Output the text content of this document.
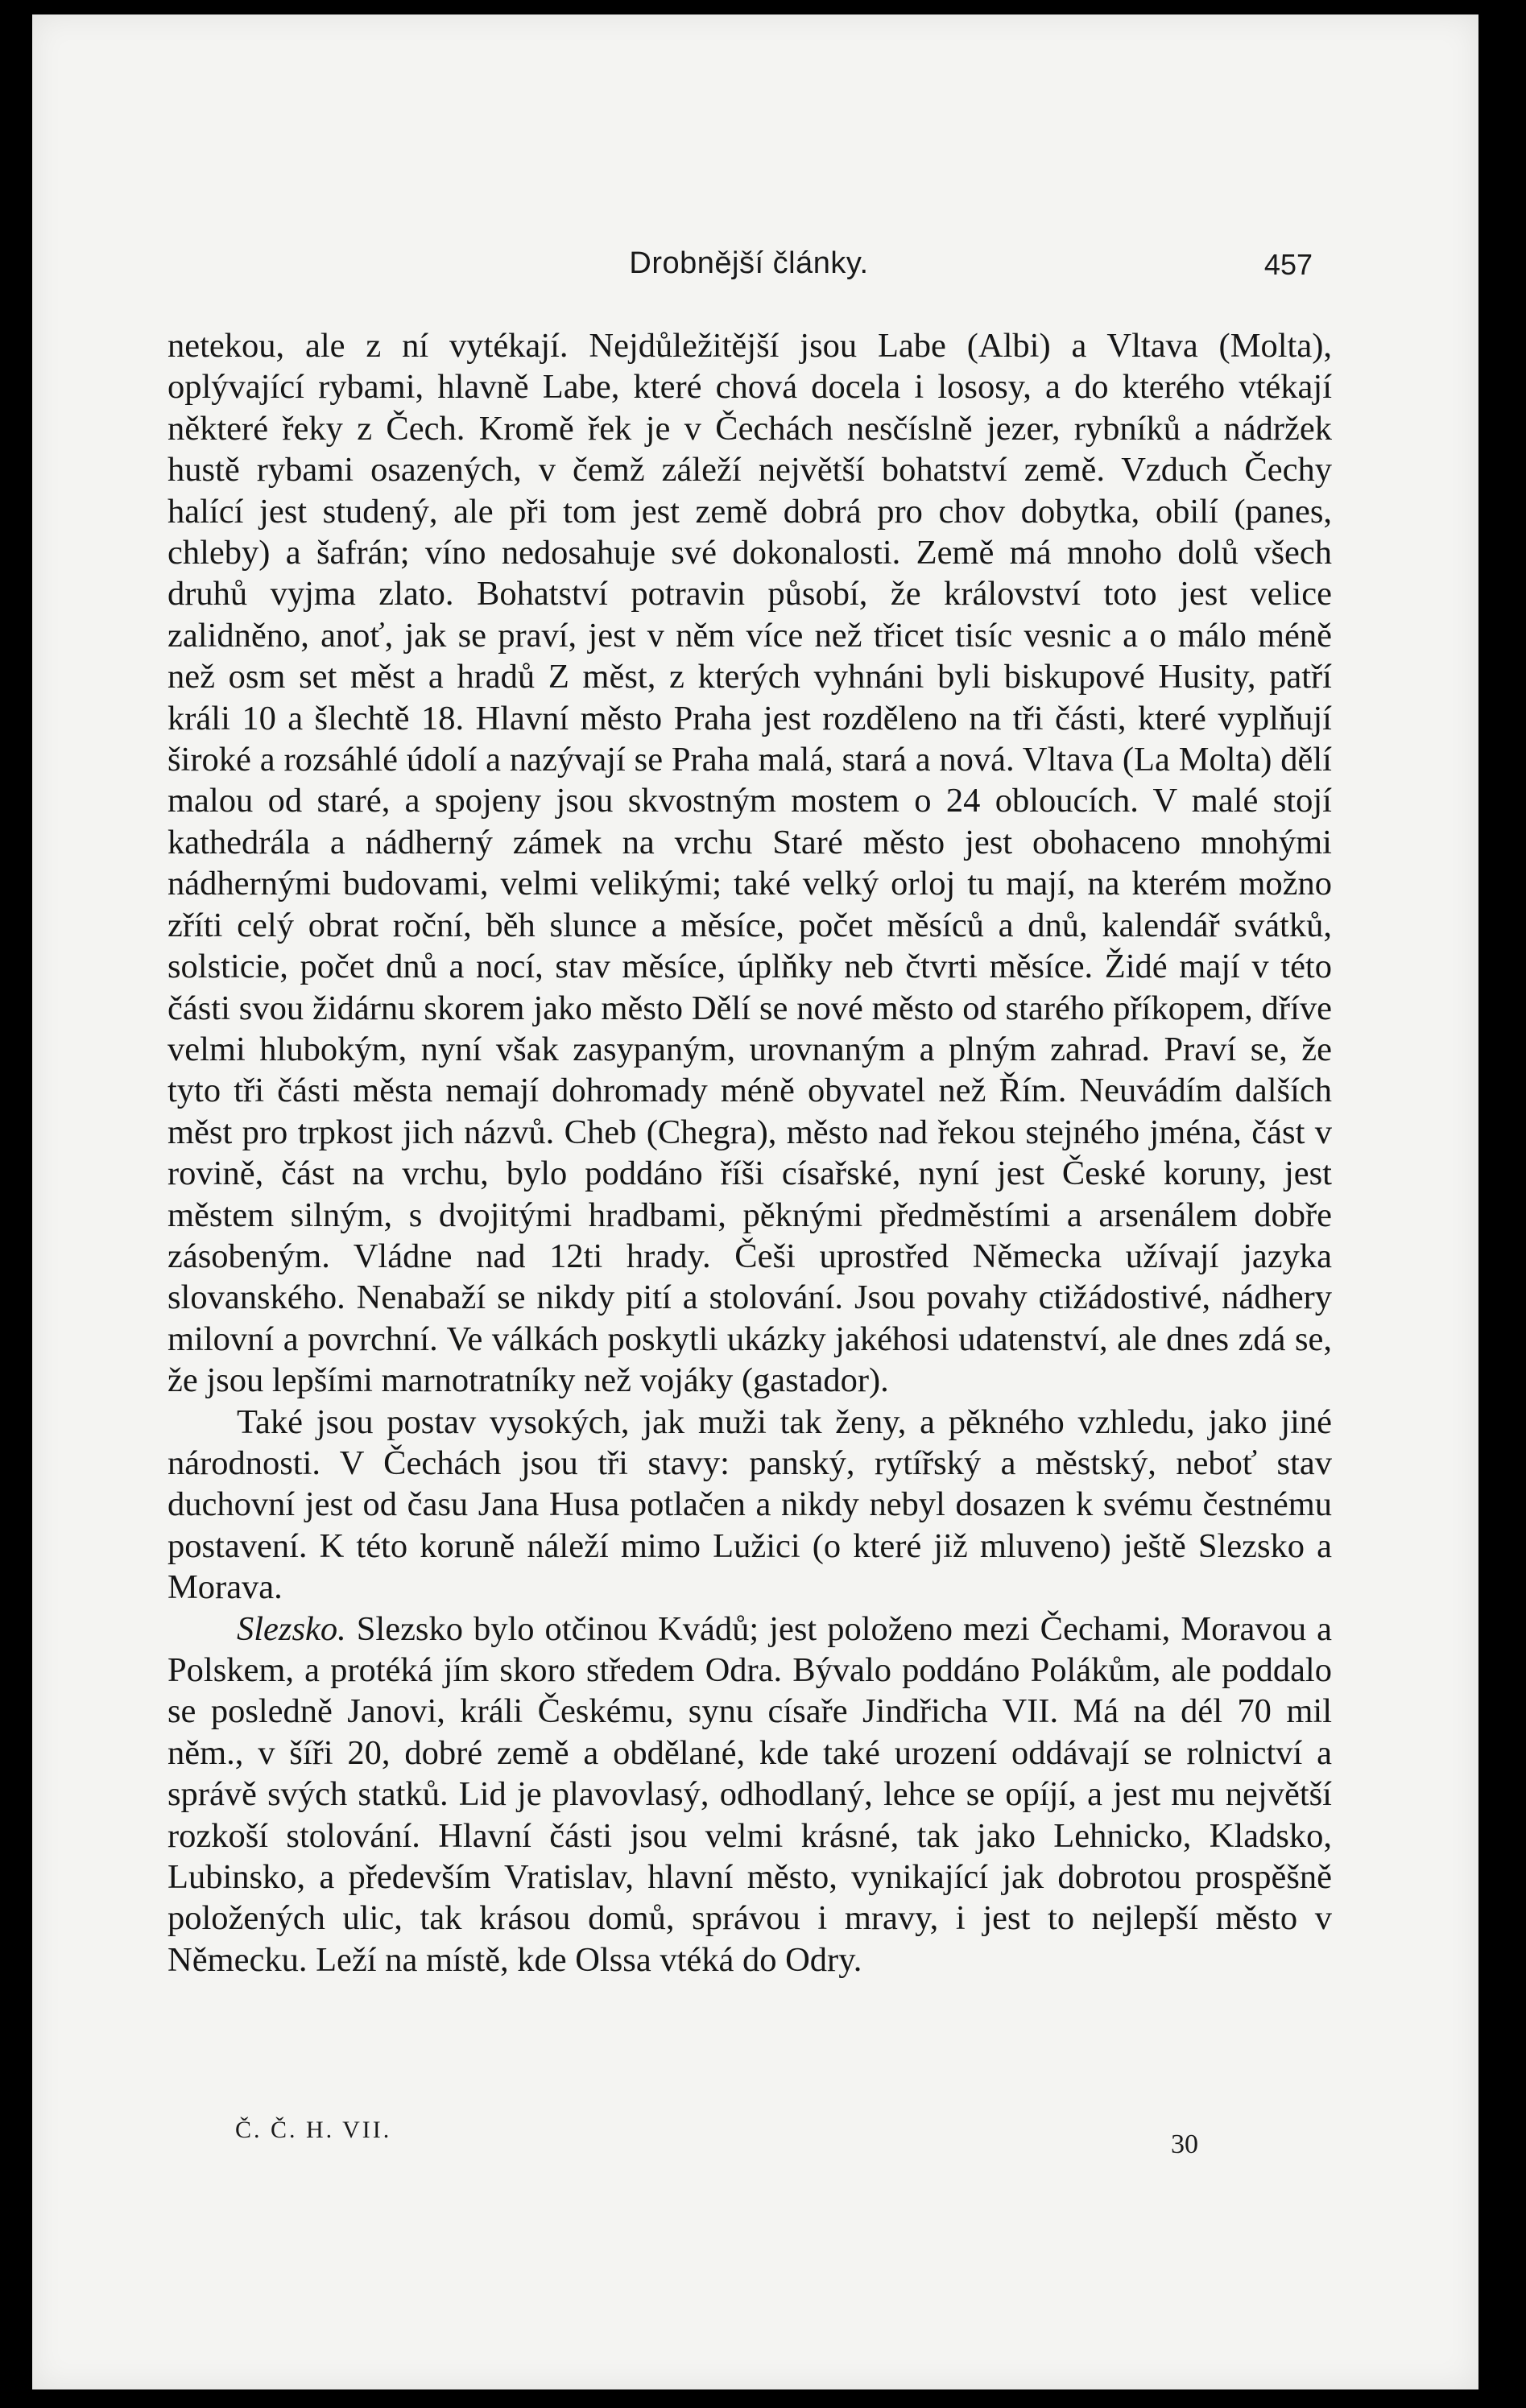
Drobnější články.	457

netekou, ale z ní vytékají. Nejdůležitější jsou Labe (Albi) a Vltava (Molta), oplývající rybami, hlavně Labe, které chová docela i lososy, a do kterého vtékají některé řeky z Čech. Kromě řek je v Čechách nesčíslně jezer, rybníků a nádržek hustě rybami osazených, v čemž záleží největší bohatství země. Vzduch Čechy halící jest studený, ale při tom jest země dobrá pro chov dobytka, obilí (panes, chleby) a šafrán; víno nedosahuje své dokonalosti. Země má mnoho dolů všech druhů vyjma zlato. Bohatství potravin působí, že království toto jest velice zalidněno, anoť, jak se praví, jest v něm více než třicet tisíc vesnic a o málo méně než osm set měst a hradů Z měst, z kterých vyhnáni byli biskupové Husity, patří králi 10 a šlechtě 18. Hlavní město Praha jest rozděleno na tři části, které vyplňují široké a rozsáhlé údolí a nazývají se Praha malá, stará a nová. Vltava (La Molta) dělí malou od staré, a spojeny jsou skvostným mostem o 24 obloucích. V malé stojí kathedrála a nádherný zámek na vrchu Staré město jest obohaceno mnohými nádhernými budovami, velmi velikými; také velký orloj tu mají, na kterém možno zříti celý obrat roční, běh slunce a měsíce, počet měsíců a dnů, kalendář svátků, solsticie, počet dnů a nocí, stav měsíce, úplňky neb čtvrti měsíce. Židé mají v této části svou židárnu skorem jako město Dělí se nové město od starého příkopem, dříve velmi hlubokým, nyní však zasypaným, urovnaným a plným zahrad. Praví se, že tyto tři části města nemají dohromady méně obyvatel než Řím. Neuvádím dalších měst pro trpkost jich názvů. Cheb (Chegra), město nad řekou stejného jména, část v rovině, část na vrchu, bylo poddáno říši císařské, nyní jest České koruny, jest městem silným, s dvojitými hradbami, pěknými předměstími a arsenálem dobře zásobeným. Vládne nad 12ti hrady. Češi uprostřed Německa užívají jazyka slovanského. Nenabaží se nikdy pití a stolování. Jsou povahy ctižádostivé, nádhery milovní a povrchní. Ve válkách poskytli ukázky jakéhosi udatenství, ale dnes zdá se, že jsou lepšími marnotratníky než vojáky (gastador).

Také jsou postav vysokých, jak muži tak ženy, a pěkného vzhledu, jako jiné národnosti. V Čechách jsou tři stavy: panský, rytířský a městský, neboť stav duchovní jest od času Jana Husa potlačen a nikdy nebyl dosazen k svému čestnému postavení. K této koruně náleží mimo Lužici (o které již mluveno) ještě Slezsko a Morava.

Slezsko. Slezsko bylo otčinou Kvádů; jest položeno mezi Čechami, Moravou a Polskem, a protéká jím skoro středem Odra. Bývalo poddáno Polákům, ale poddalo se posledně Janovi, králi Českému, synu císaře Jindřicha VII. Má na dél 70 mil něm., v šíři 20, dobré země a obdělané, kde také urození oddávají se rolnictví a správě svých statků. Lid je plavovlasý, odhodlaný, lehce se opíjí, a jest mu největší rozkoší stolování. Hlavní části jsou velmi krásné, tak jako Lehnicko, Kladsko, Lubinsko, a především Vratislav, hlavní město, vynikající jak dobrotou prospěšně položených ulic, tak krásou domů, správou i mravy, i jest to nejlepší město v Německu. Leží na místě, kde Olssa vtéká do Odry.

Č. Č. H. VII.	30
